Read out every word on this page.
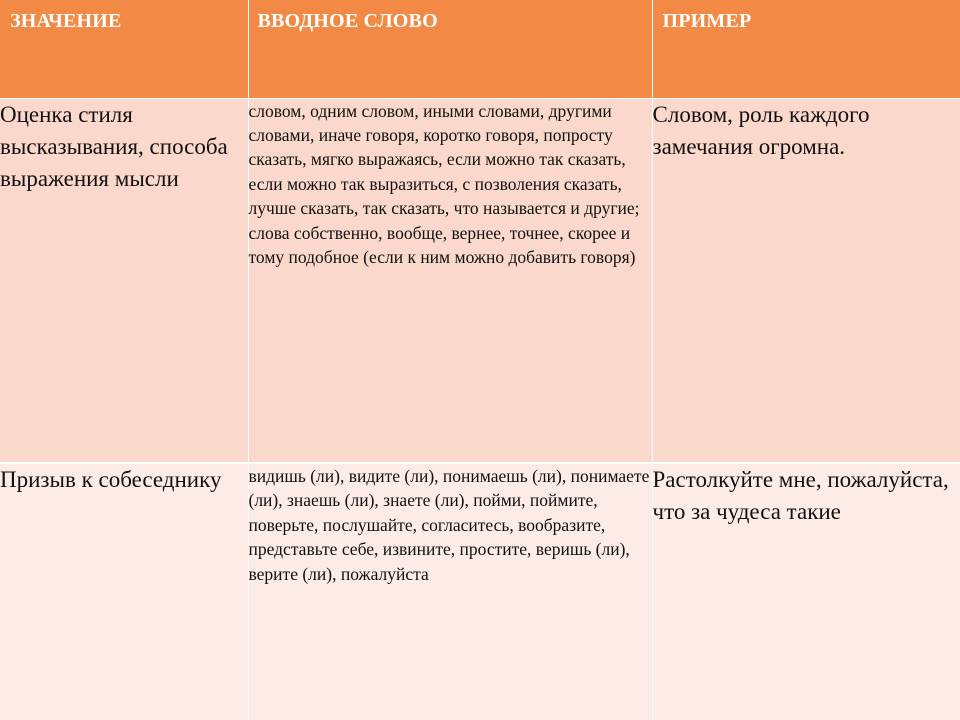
ЗНАЧЕНИЕ	ВВОДНОЕ СЛОВО	ПРИМЕР
Оценка стиля высказывания, способа выражения мысли	словом, одним словом, иными словами, другими словами, иначе говоря, коротко говоря, попросту сказать, мягко выражаясь, если можно так сказать, если можно так выразиться, с позволения сказать, лучше сказать, так сказать, что называется и другие; слова собственно, вообще, вернее, точнее, скорее и тому подобное (если к ним можно добавить говоря)	Словом, роль каждого замечания огромна.
Призыв к собеседнику	видишь (ли), видите (ли), понимаешь (ли), понимаете (ли), знаешь (ли), знаете (ли), пойми, поймите, поверьте, послушайте, согласитесь, вообразите, представьте себе, извините, простите, веришь (ли), верите (ли), пожалуйста	Растолкуйте мне, пожалуйста, что за чудеса такие
